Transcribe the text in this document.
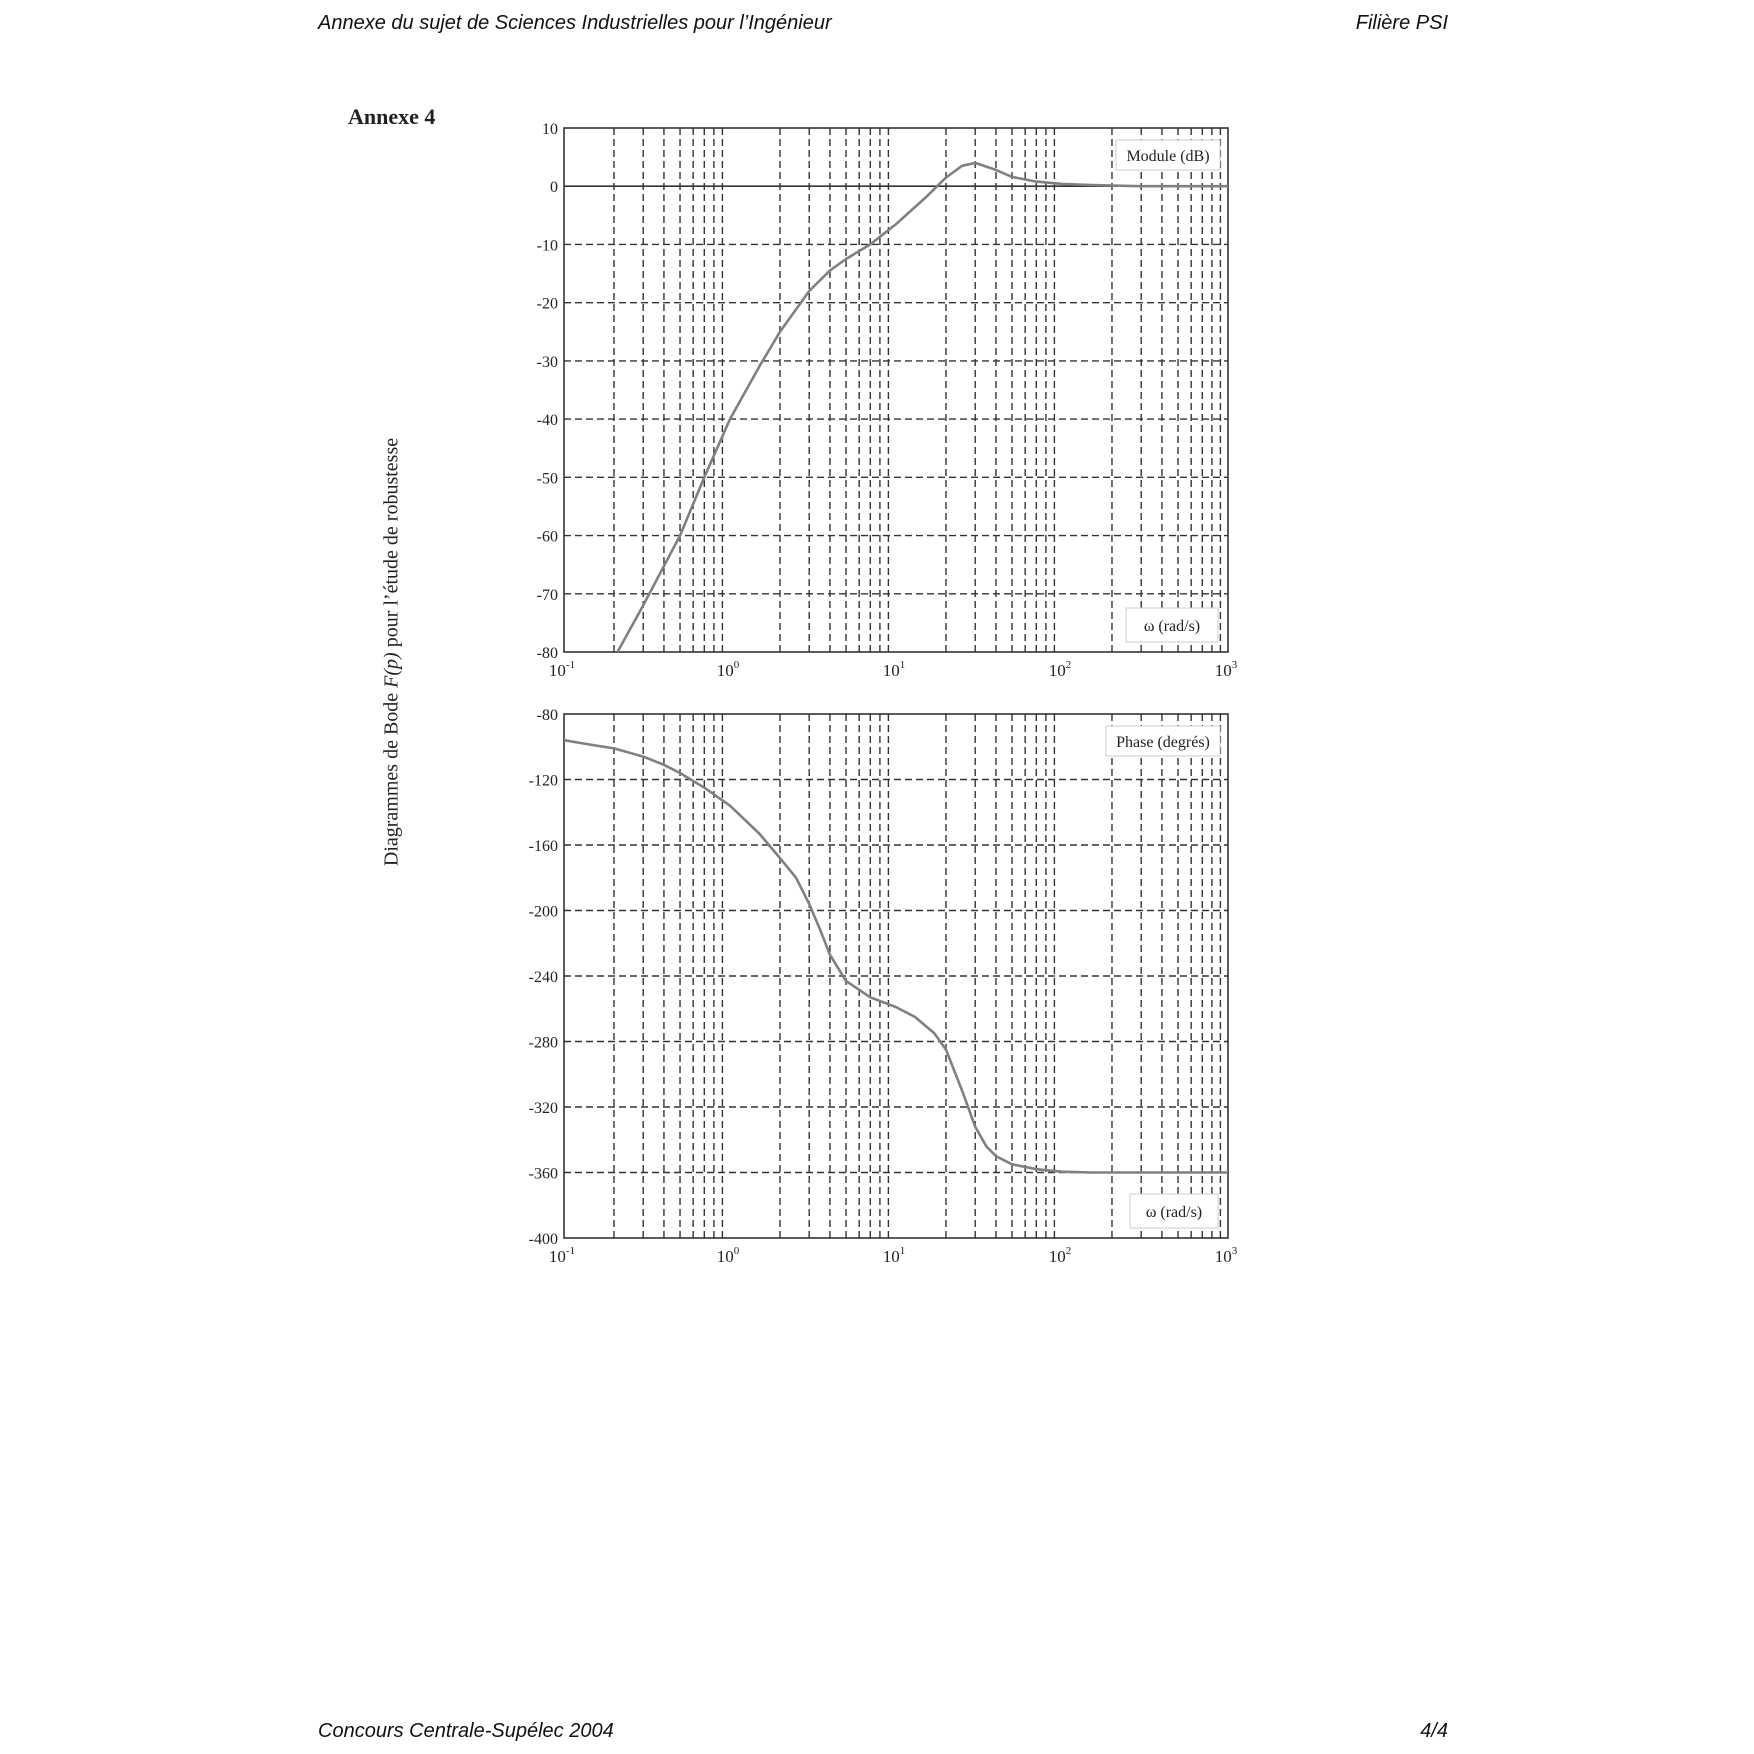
Annexe du sujet de Sciences Industrielles pour l’Ingénieur	Filière PSI
Annexe 4
Diagrammes de Bode F(p) pour l’étude de robustesse
10
0
-10
-20
-30
-40
-50
-60
-70
-80
$10^{-1}$	$10^0$	$10^1$	$10^2$	$10^3$
Module (dB)
ω (rad/s)
-80
-120
-160
-200
-240
-280
-320
-360
-400
$10^{-1}$	$10^0$	$10^1$	$10^2$	$10^3$
Phase (degrés)
ω (rad/s)
Concours Centrale-Supélec 2004	4/4
